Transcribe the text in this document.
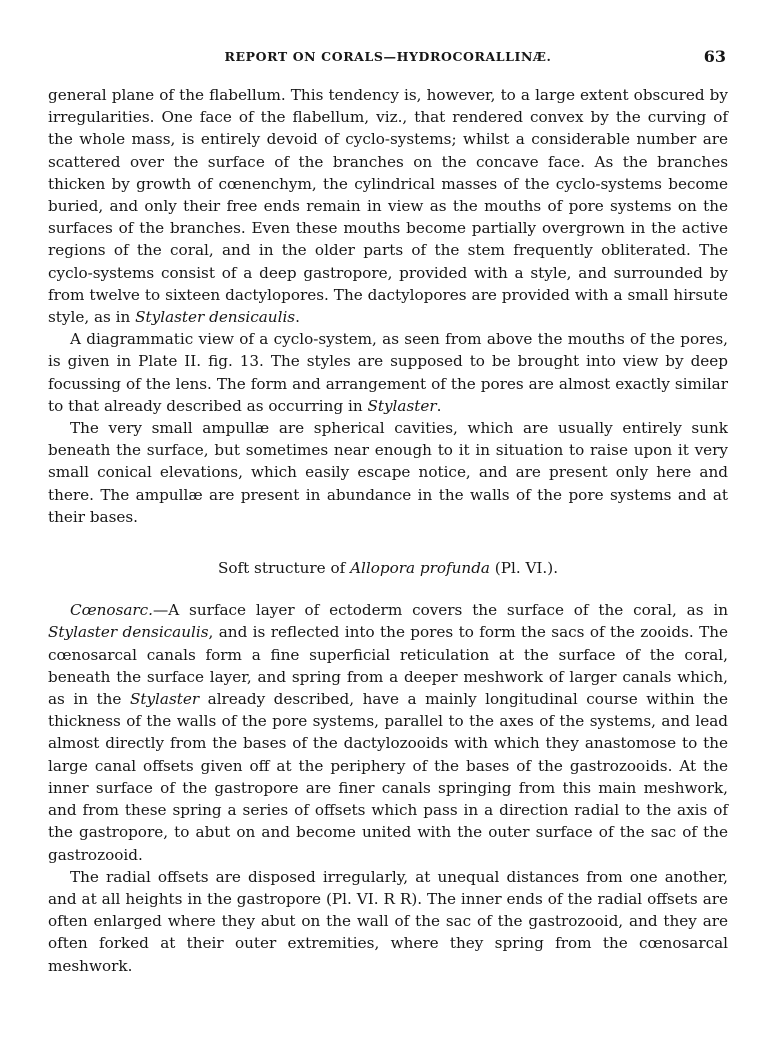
REPORT ON CORALS—HYDROCORALLINÆ.	63

general plane of the flabellum. This tendency is, however, to a large extent obscured by irregularities. One face of the flabellum, viz., that rendered convex by the curving of the whole mass, is entirely devoid of cyclo-systems; whilst a considerable number are scattered over the surface of the branches on the concave face. As the branches thicken by growth of cœnenchym, the cylindrical masses of the cyclo-systems become buried, and only their free ends remain in view as the mouths of pore systems on the surfaces of the branches. Even these mouths become partially overgrown in the active regions of the coral, and in the older parts of the stem frequently obliterated. The cyclo-systems consist of a deep gastropore, provided with a style, and surrounded by from twelve to sixteen dactylopores. The dactylopores are provided with a small hirsute style, as in Stylaster densicaulis.

A diagrammatic view of a cyclo-system, as seen from above the mouths of the pores, is given in Plate II. fig. 13. The styles are supposed to be brought into view by deep focussing of the lens. The form and arrangement of the pores are almost exactly similar to that already described as occurring in Stylaster.

The very small ampullæ are spherical cavities, which are usually entirely sunk beneath the surface, but sometimes near enough to it in situation to raise upon it very small conical elevations, which easily escape notice, and are present only here and there. The ampullæ are present in abundance in the walls of the pore systems and at their bases.

Soft structure of Allopora profunda (Pl. VI.).

Cœnosarc.—A surface layer of ectoderm covers the surface of the coral, as in Stylaster densicaulis, and is reflected into the pores to form the sacs of the zooids. The cœnosarcal canals form a fine superficial reticulation at the surface of the coral, beneath the surface layer, and spring from a deeper meshwork of larger canals which, as in the Stylaster already described, have a mainly longitudinal course within the thickness of the walls of the pore systems, parallel to the axes of the systems, and lead almost directly from the bases of the dactylozooids with which they anastomose to the large canal offsets given off at the periphery of the bases of the gastrozooids. At the inner surface of the gastropore are finer canals springing from this main meshwork, and from these spring a series of offsets which pass in a direction radial to the axis of the gastropore, to abut on and become united with the outer surface of the sac of the gastrozooid.

The radial offsets are disposed irregularly, at unequal distances from one another, and at all heights in the gastropore (Pl. VI. R R). The inner ends of the radial offsets are often enlarged where they abut on the wall of the sac of the gastrozooid, and they are often forked at their outer extremities, where they spring from the cœnosarcal meshwork.
